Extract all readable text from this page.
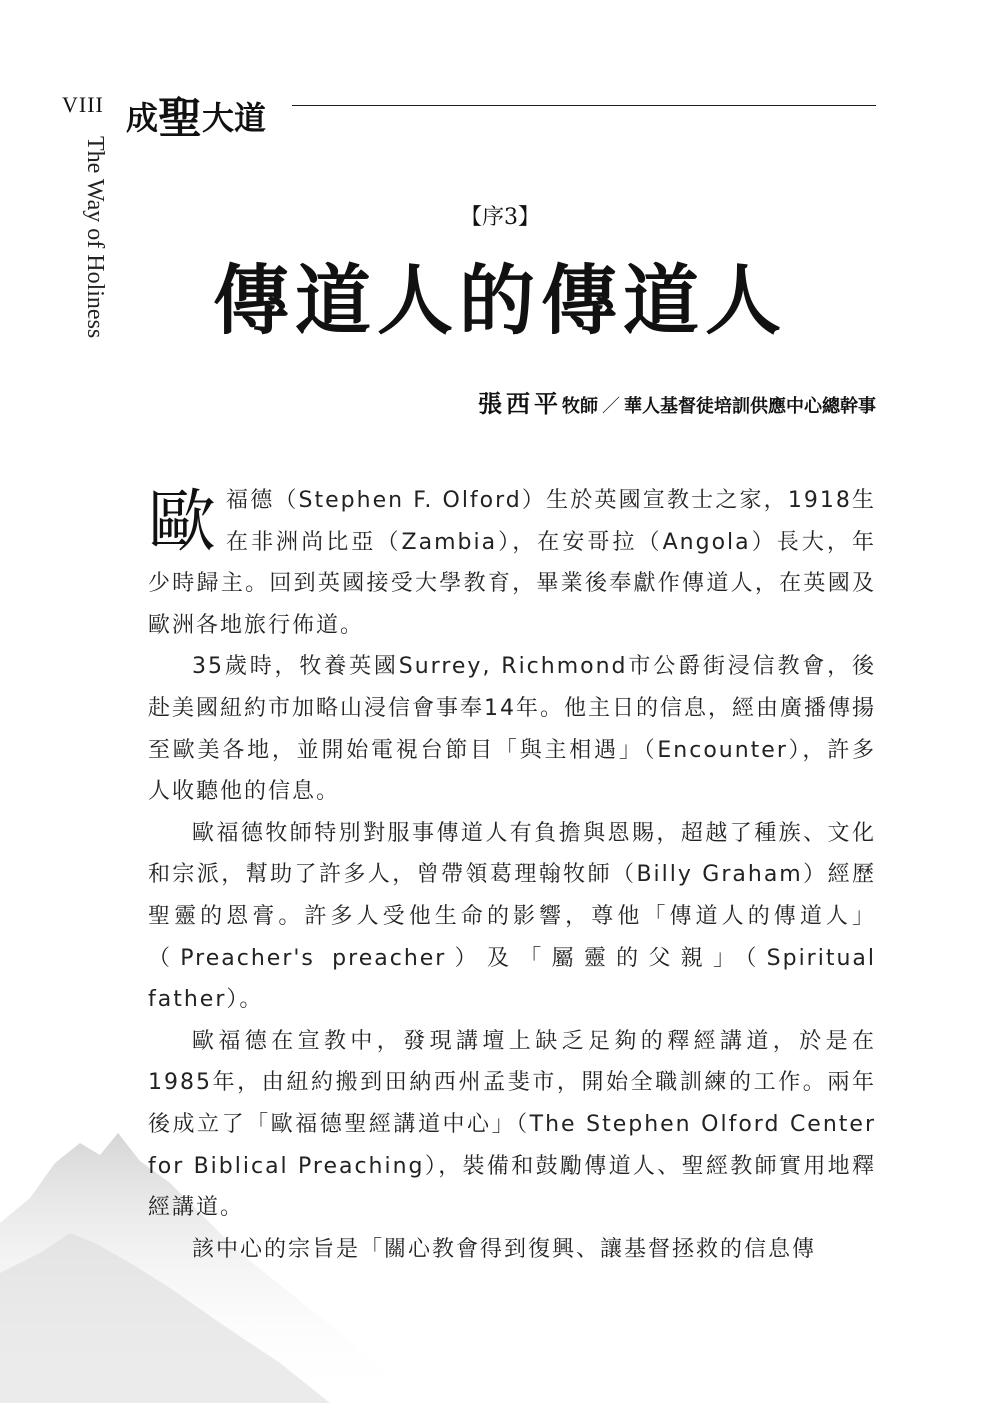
VIII 成聖大道
The Way of Holiness	【序3】
傳道人的傳道人
張西平牧師 ／ 華人基督徒培訓供應中心總幹事

歐福德（Stephen F. Olford）生於英國宣教士之家，1918生在非洲尚比亞（Zambia），在安哥拉（Angola）長大，年少時歸主。回到英國接受大學教育，畢業後奉獻作傳道人，在英國及歐洲各地旅行佈道。

35歲時，牧養英國Surrey, Richmond市公爵街浸信教會，後赴美國紐約市加略山浸信會事奉14年。他主日的信息，經由廣播傳揚至歐美各地，並開始電視台節目「與主相遇」（Encounter），許多人收聽他的信息。

歐福德牧師特別對服事傳道人有負擔與恩賜，超越了種族、文化和宗派，幫助了許多人，曾帶領葛理翰牧師（Billy Graham）經歷聖靈的恩膏。許多人受他生命的影響，尊他「傳道人的傳道人」（Preacher's preacher）及「屬靈的父親」（Spiritual father）。

歐福德在宣教中，發現講壇上缺乏足夠的釋經講道，於是在1985年，由紐約搬到田納西州孟斐市，開始全職訓練的工作。兩年後成立了「歐福德聖經講道中心」（The Stephen Olford Center for Biblical Preaching），裝備和鼓勵傳道人、聖經教師實用地釋經講道。

該中心的宗旨是「關心教會得到復興、讓基督拯救的信息傳
